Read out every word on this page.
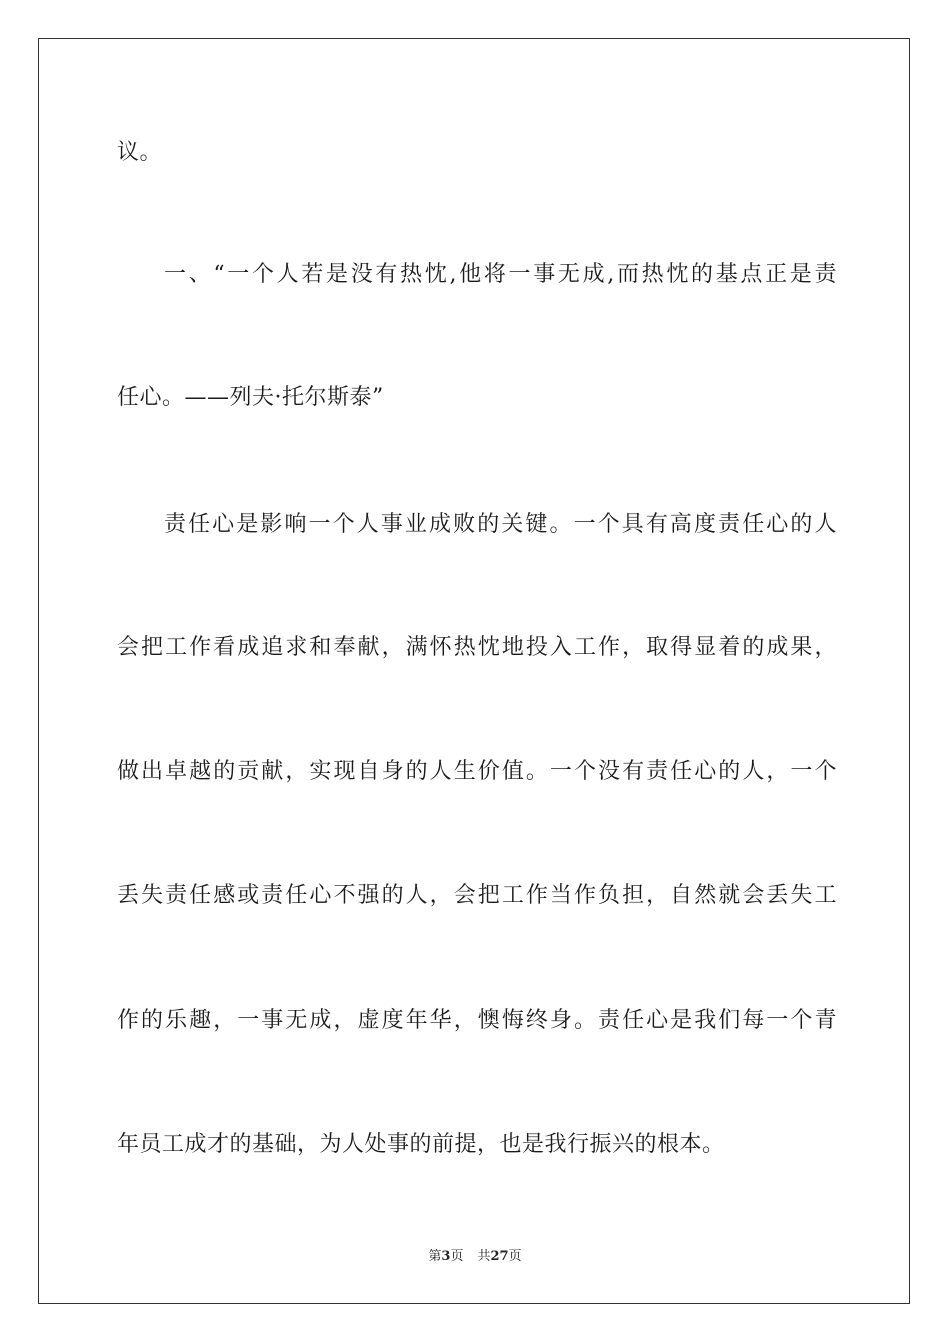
议。
一、“一个人若是没有热忱,他将一事无成,而热忱的基点正是责
任心。——列夫·托尔斯泰”
责任心是影响一个人事业成败的关键。一个具有高度责任心的人
会把工作看成追求和奉献，满怀热忱地投入工作，取得显着的成果，
做出卓越的贡献，实现自身的人生价值。一个没有责任心的人，一个
丢失责任感或责任心不强的人，会把工作当作负担，自然就会丢失工
作的乐趣，一事无成，虚度年华，懊悔终身。责任心是我们每一个青
年员工成才的基础，为人处事的前提，也是我行振兴的根本。
第3页 共27页
